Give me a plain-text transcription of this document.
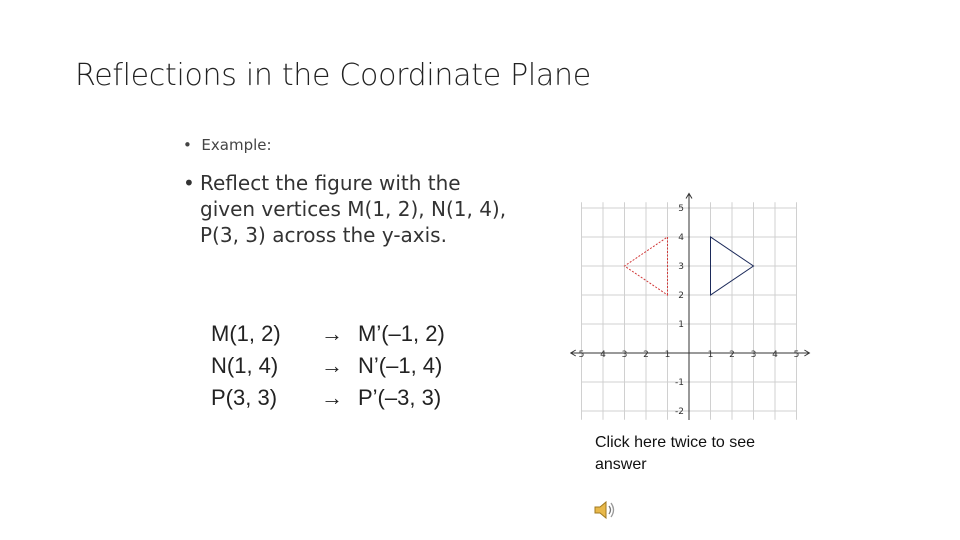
Reflections in the Coordinate Plane
• Example:
• Reflect the figure with the given vertices M(1, 2), N(1, 4), P(3, 3) across the y-axis.
M(1, 2) → M’(–1, 2)
N(1, 4) → N’(–1, 4)
P(3, 3) → P’(–3, 3)
5 4 3 2 1	1 2 3 4 5
5
4
3
2
1
-1
-2
Click here twice to see answer
